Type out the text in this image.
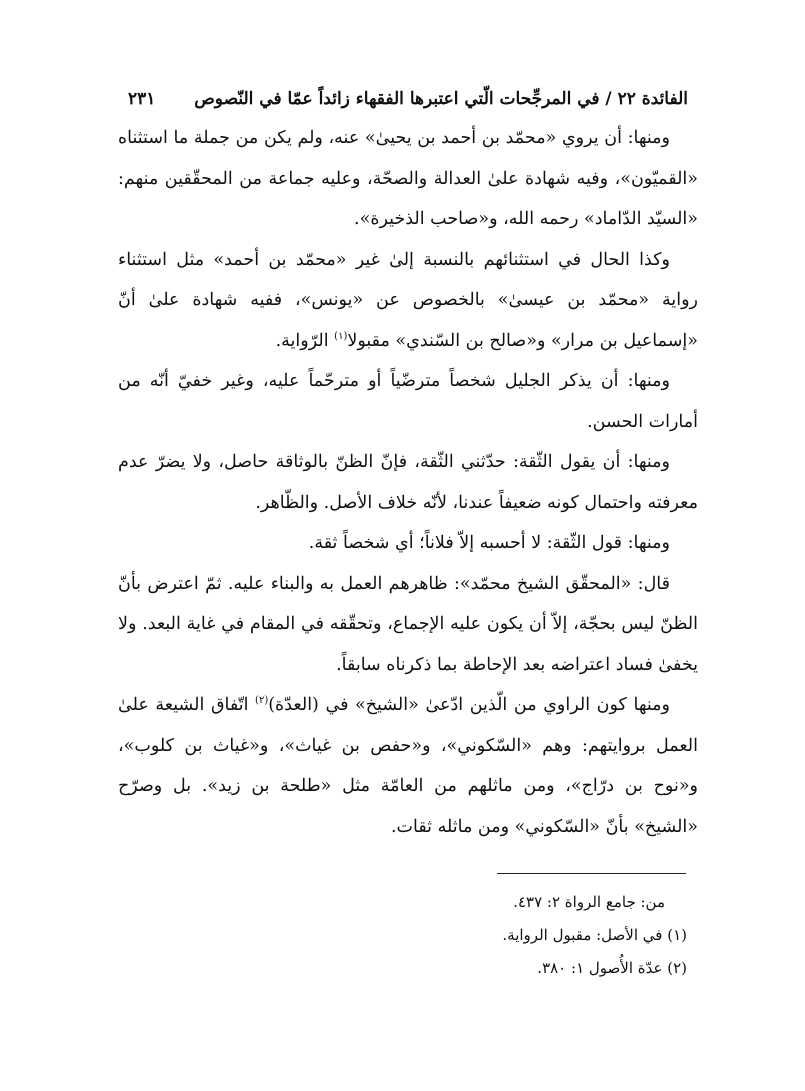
الفائدة ٢٢ / في المرجِّحات الّتي اعتبرها الفقهاء زائداً عمّا في النّصوص
٢٣١

ومنها: أن يروي «محمّد بن أحمد بن يحيىٰ» عنه، ولم يكن من جملة ما استثناه «القميّون»، وفيه شهادة علىٰ العدالة والصحّة، وعليه جماعة من المحقّقين منهم: «السيّد الدّاماد» رحمه الله، و«صاحب الذخيرة».

وكذا الحال في استثنائهم بالنسبة إلىٰ غير «محمّد بن أحمد» مثل استثناء رواية «محمّد بن عيسىٰ» بالخصوص عن «يونس»، ففيه شهادة علىٰ أنّ «إسماعيل بن مرار» و«صالح بن السّندي» مقبولا$^{(١)}$ الرّواية.

ومنها: أن يذكر الجليل شخصاً مترضّياً أو مترحّماً عليه، وغير خفيّ أنّه من أمارات الحسن.

ومنها: أن يقول الثّقة: حدّثني الثّقة، فإنّ الظنّ بالوثاقة حاصل، ولا يضرّ عدم معرفته واحتمال كونه ضعيفاً عندنا، لأنّه خلاف الأصل. والظّاهر.

ومنها: قول الثّقة: لا أحسبه إلاّ فلاناً؛ أي شخصاً ثقة.

قال: «المحقّق الشيخ محمّد»: ظاهرهم العمل به والبناء عليه. ثمّ اعترض بأنّ الظنّ ليس بحجّة، إلاّ أن يكون عليه الإجماع، وتحقّقه في المقام في غاية البعد. ولا يخفىٰ فساد اعتراضه بعد الإحاطة بما ذكرناه سابقاً.

ومنها كون الراوي من الّذين ادّعىٰ «الشيخ» في (العدّة)$^{(٢)}$ اتّفاق الشيعة علىٰ العمل بروايتهم: وهم «السّكوني»، و«حفص بن غياث»، و«غياث بن كلوب»، و«نوح بن درّاج»، ومن ماثلهم من العامّة مثل «طلحة بن زيد». بل وصرّح «الشيخ» بأنّ «السّكوني» ومن ماثله ثقات.

من: جامع الرواة ٢: ٤٣٧.
(١) في الأصل: مقبول الرواية.
(٢) عدّة الأُصول ١: ٣٨٠.
